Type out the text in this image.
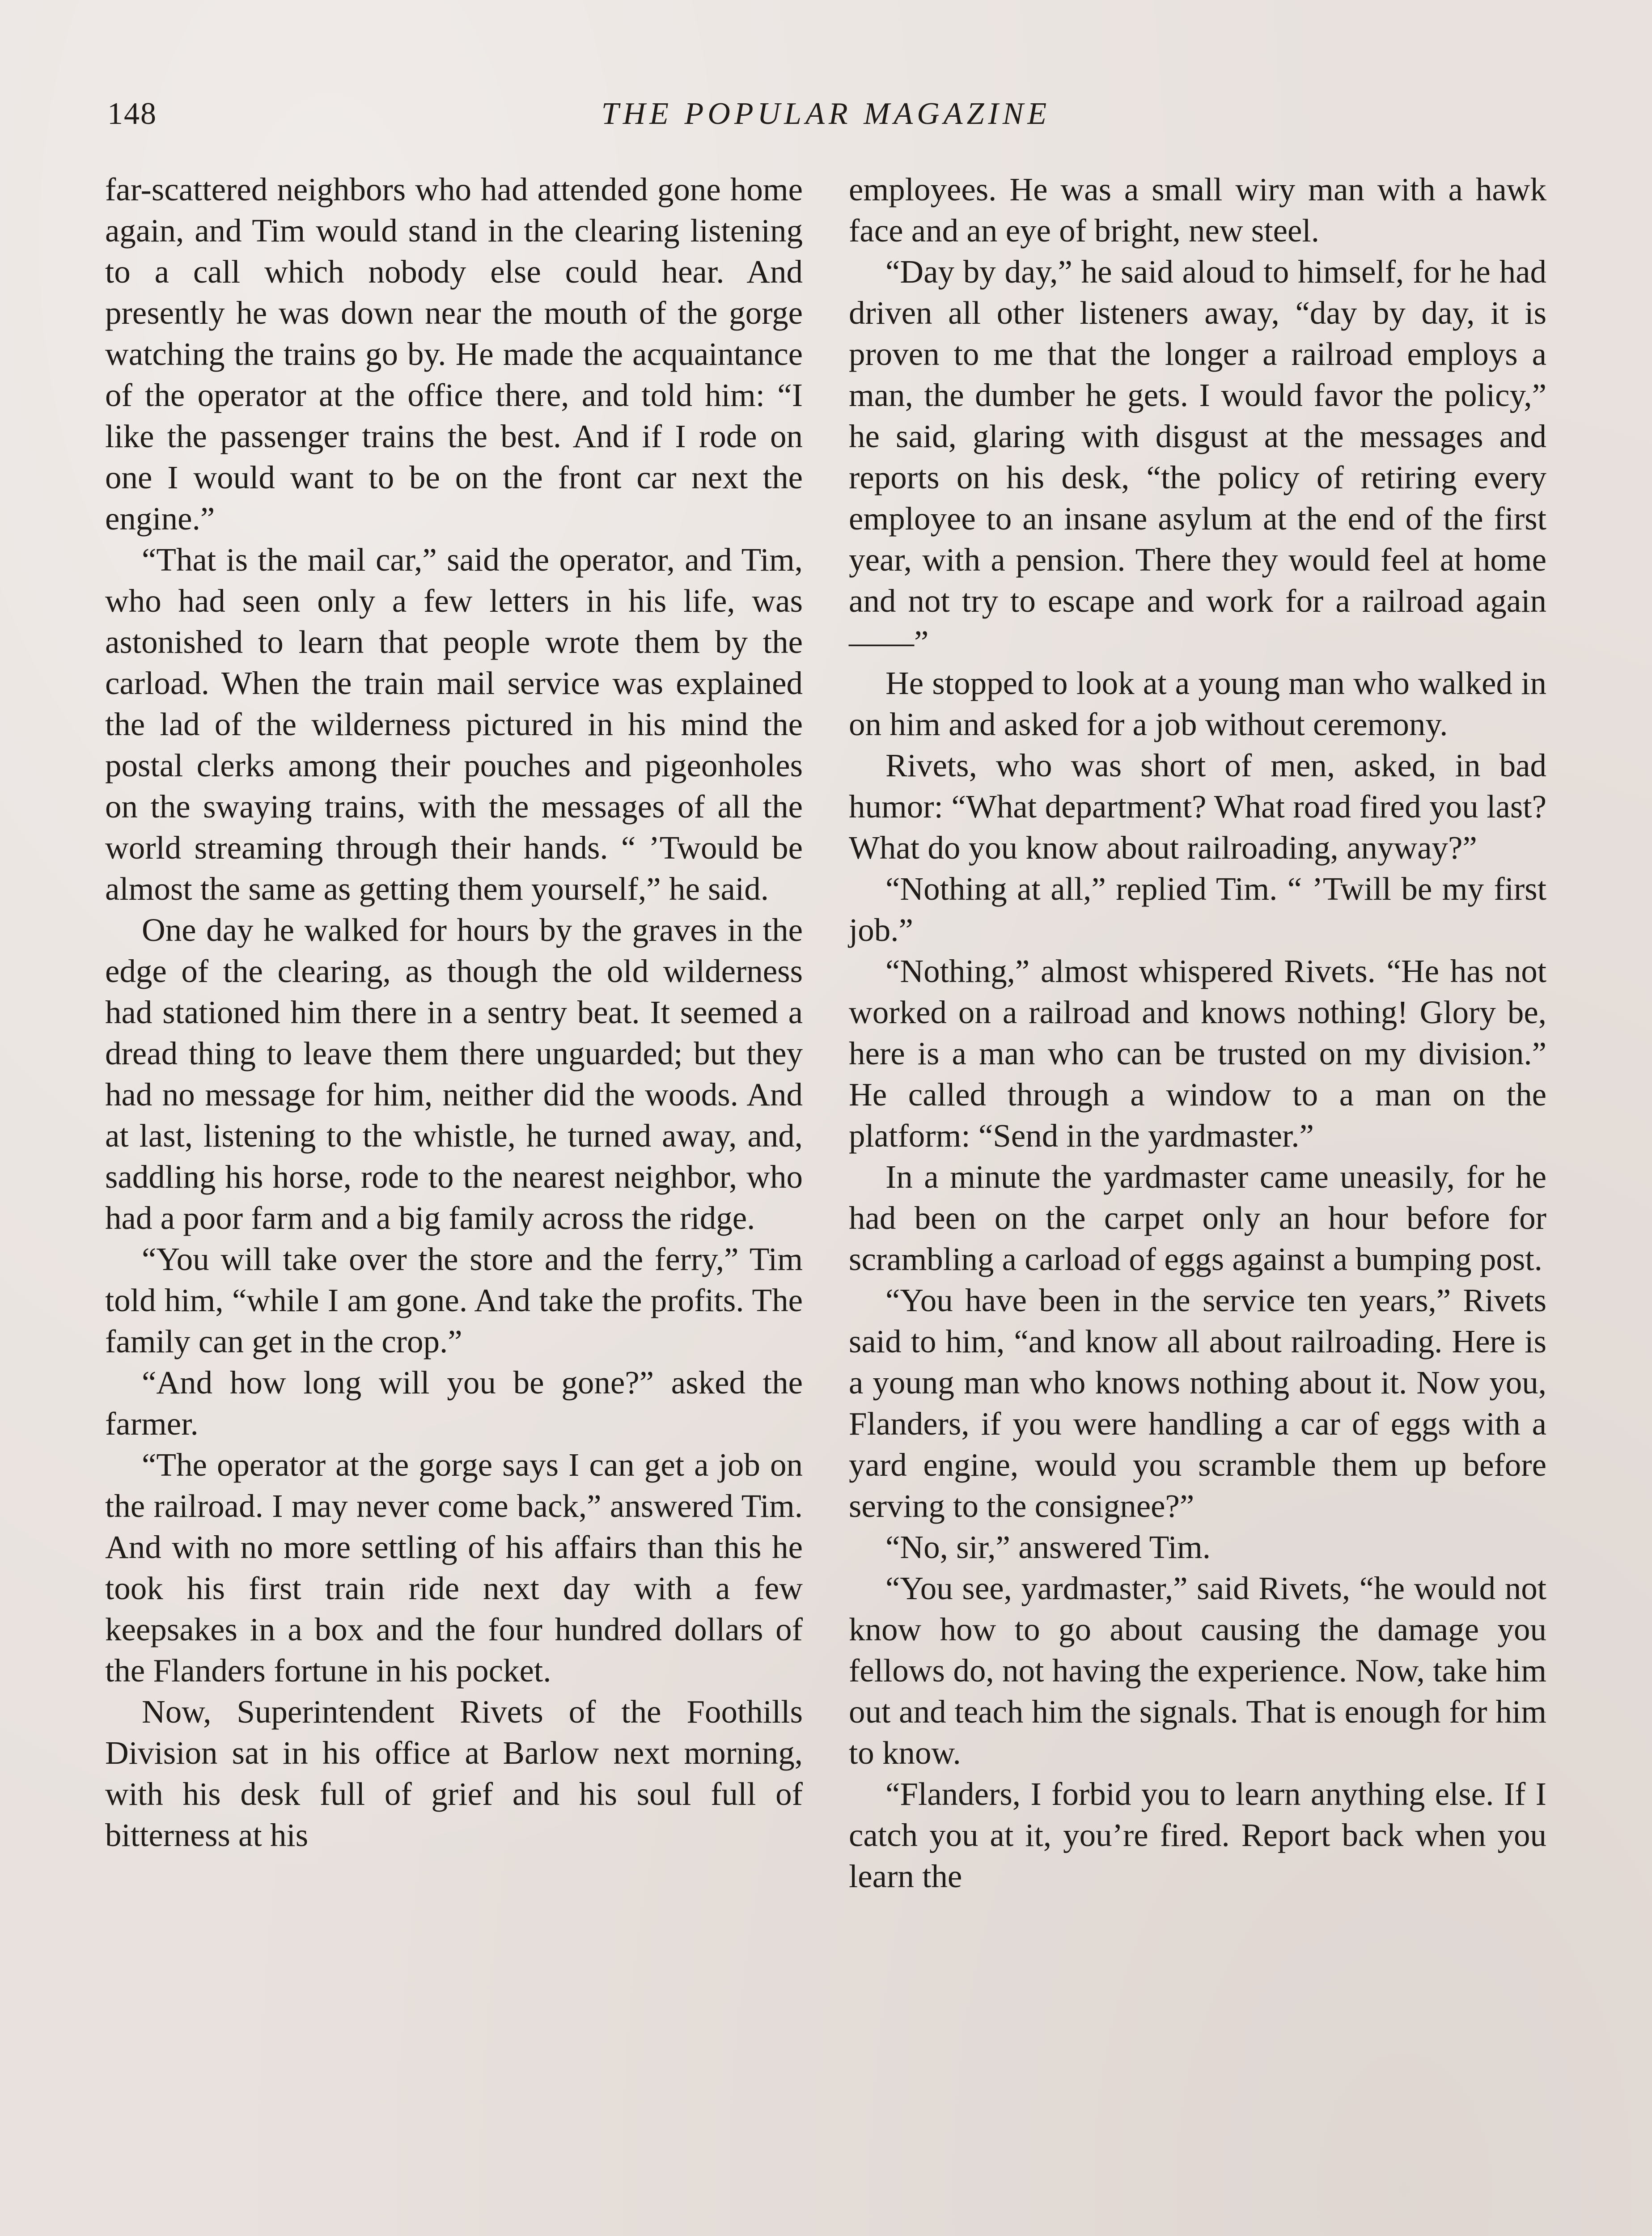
148	THE POPULAR MAGAZINE

far-scattered neighbors who had attended gone home again, and Tim would stand in the clearing listening to a call which nobody else could hear. And presently he was down near the mouth of the gorge watching the trains go by. He made the acquaintance of the operator at the office there, and told him: “I like the passenger trains the best. And if I rode on one I would want to be on the front car next the engine.”

“That is the mail car,” said the operator, and Tim, who had seen only a few letters in his life, was astonished to learn that people wrote them by the carload. When the train mail service was explained the lad of the wilderness pictured in his mind the postal clerks among their pouches and pigeonholes on the swaying trains, with the messages of all the world streaming through their hands. “ ’Twould be almost the same as getting them yourself,” he said.

One day he walked for hours by the graves in the edge of the clearing, as though the old wilderness had stationed him there in a sentry beat. It seemed a dread thing to leave them there unguarded; but they had no message for him, neither did the woods. And at last, listening to the whistle, he turned away, and, saddling his horse, rode to the nearest neighbor, who had a poor farm and a big family across the ridge.

“You will take over the store and the ferry,” Tim told him, “while I am gone. And take the profits. The family can get in the crop.”

“And how long will you be gone?” asked the farmer.

“The operator at the gorge says I can get a job on the railroad. I may never come back,” answered Tim. And with no more settling of his affairs than this he took his first train ride next day with a few keepsakes in a box and the four hundred dollars of the Flanders fortune in his pocket.

Now, Superintendent Rivets of the Foothills Division sat in his office at Barlow next morning, with his desk full of grief and his soul full of bitterness at his

employees. He was a small wiry man with a hawk face and an eye of bright, new steel.

“Day by day,” he said aloud to himself, for he had driven all other listeners away, “day by day, it is proven to me that the longer a railroad employs a man, the dumber he gets. I would favor the policy,” he said, glaring with disgust at the messages and reports on his desk, “the policy of retiring every employee to an insane asylum at the end of the first year, with a pension. There they would feel at home and not try to escape and work for a railroad again——”

He stopped to look at a young man who walked in on him and asked for a job without ceremony.

Rivets, who was short of men, asked, in bad humor: “What department? What road fired you last? What do you know about railroading, anyway?”

“Nothing at all,” replied Tim. “ ’Twill be my first job.”

“Nothing,” almost whispered Rivets. “He has not worked on a railroad and knows nothing! Glory be, here is a man who can be trusted on my division.” He called through a window to a man on the platform: “Send in the yardmaster.”

In a minute the yardmaster came uneasily, for he had been on the carpet only an hour before for scrambling a carload of eggs against a bumping post.

“You have been in the service ten years,” Rivets said to him, “and know all about railroading. Here is a young man who knows nothing about it. Now you, Flanders, if you were handling a car of eggs with a yard engine, would you scramble them up before serving to the consignee?”

“No, sir,” answered Tim.

“You see, yardmaster,” said Rivets, “he would not know how to go about causing the damage you fellows do, not having the experience. Now, take him out and teach him the signals. That is enough for him to know.

“Flanders, I forbid you to learn anything else. If I catch you at it, you’re fired. Report back when you learn the
